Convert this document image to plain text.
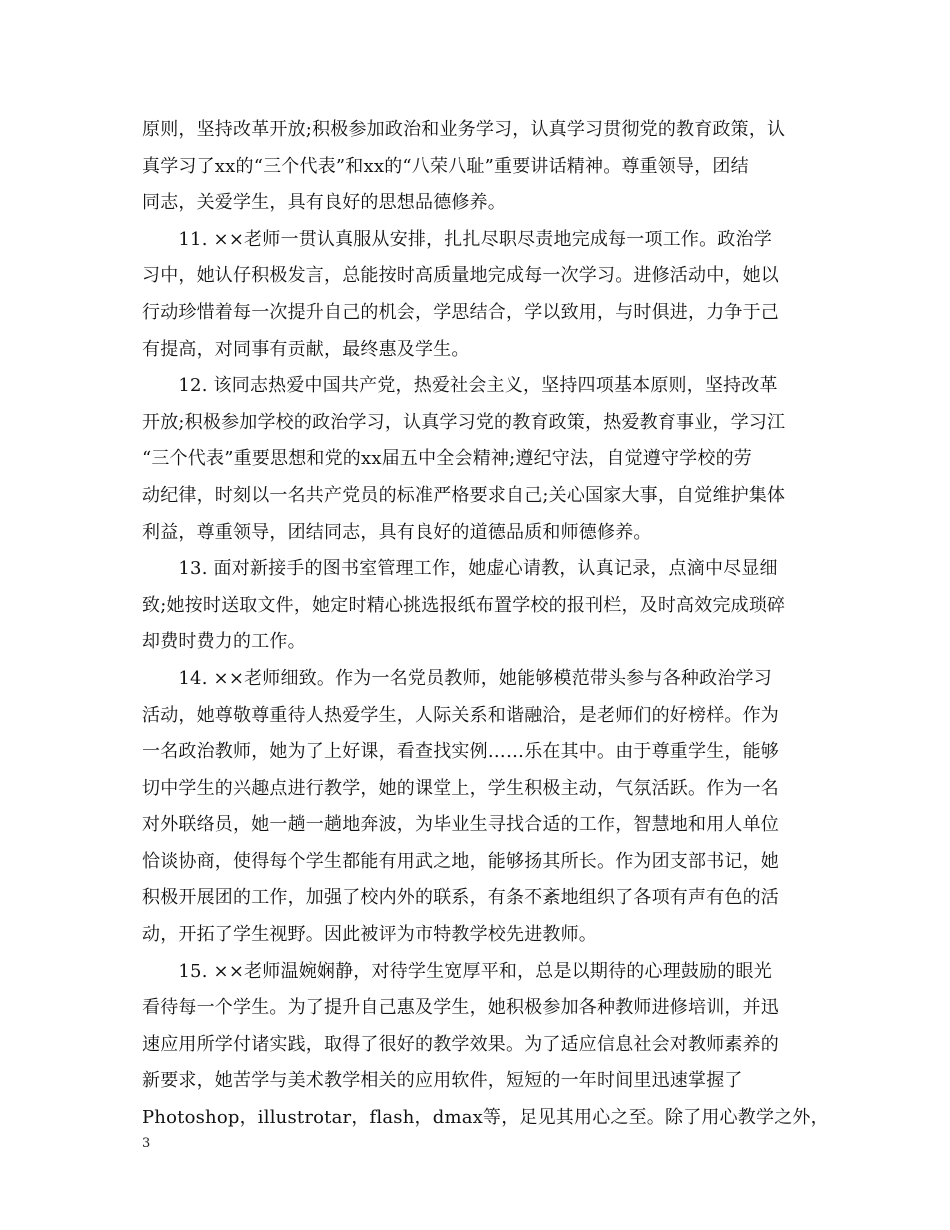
原则，坚持改革开放;积极参加政治和业务学习，认真学习贯彻党的教育政策，认
真学习了xx的“三个代表”和xx的“八荣八耻”重要讲话精神。尊重领导，团结
同志，关爱学生，具有良好的思想品德修养。
　　11. ××老师一贯认真服从安排，扎扎尽职尽责地完成每一项工作。政治学
习中，她认仔积极发言，总能按时高质量地完成每一次学习。进修活动中，她以
行动珍惜着每一次提升自己的机会，学思结合，学以致用，与时俱进，力争于己
有提高，对同事有贡献，最终惠及学生。
　　12. 该同志热爱中国共产党，热爱社会主义，坚持四项基本原则，坚持改革
开放;积极参加学校的政治学习，认真学习党的教育政策，热爱教育事业，学习江
“三个代表”重要思想和党的xx届五中全会精神;遵纪守法，自觉遵守学校的劳
动纪律，时刻以一名共产党员的标准严格要求自己;关心国家大事，自觉维护集体
利益，尊重领导，团结同志，具有良好的道德品质和师德修养。
　　13. 面对新接手的图书室管理工作，她虚心请教，认真记录，点滴中尽显细
致;她按时送取文件，她定时精心挑选报纸布置学校的报刊栏，及时高效完成琐碎
却费时费力的工作。
　　14. ××老师细致。作为一名党员教师，她能够模范带头参与各种政治学习
活动，她尊敬尊重待人热爱学生，人际关系和谐融洽，是老师们的好榜样。作为
一名政治教师，她为了上好课，看查找实例……乐在其中。由于尊重学生，能够
切中学生的兴趣点进行教学，她的课堂上，学生积极主动，气氛活跃。作为一名
对外联络员，她一趟一趟地奔波，为毕业生寻找合适的工作，智慧地和用人单位
恰谈协商，使得每个学生都能有用武之地，能够扬其所长。作为团支部书记，她
积极开展团的工作，加强了校内外的联系，有条不紊地组织了各项有声有色的活
动，开拓了学生视野。因此被评为市特教学校先进教师。
　　15. ××老师温婉娴静，对待学生宽厚平和，总是以期待的心理鼓励的眼光
看待每一个学生。为了提升自己惠及学生，她积极参加各种教师进修培训，并迅
速应用所学付诸实践，取得了很好的教学效果。为了适应信息社会对教师素养的
新要求，她苦学与美术教学相关的应用软件，短短的一年时间里迅速掌握了
Photoshop，illustrotar，flash，dmax等，足见其用心之至。除了用心教学之外，
3
